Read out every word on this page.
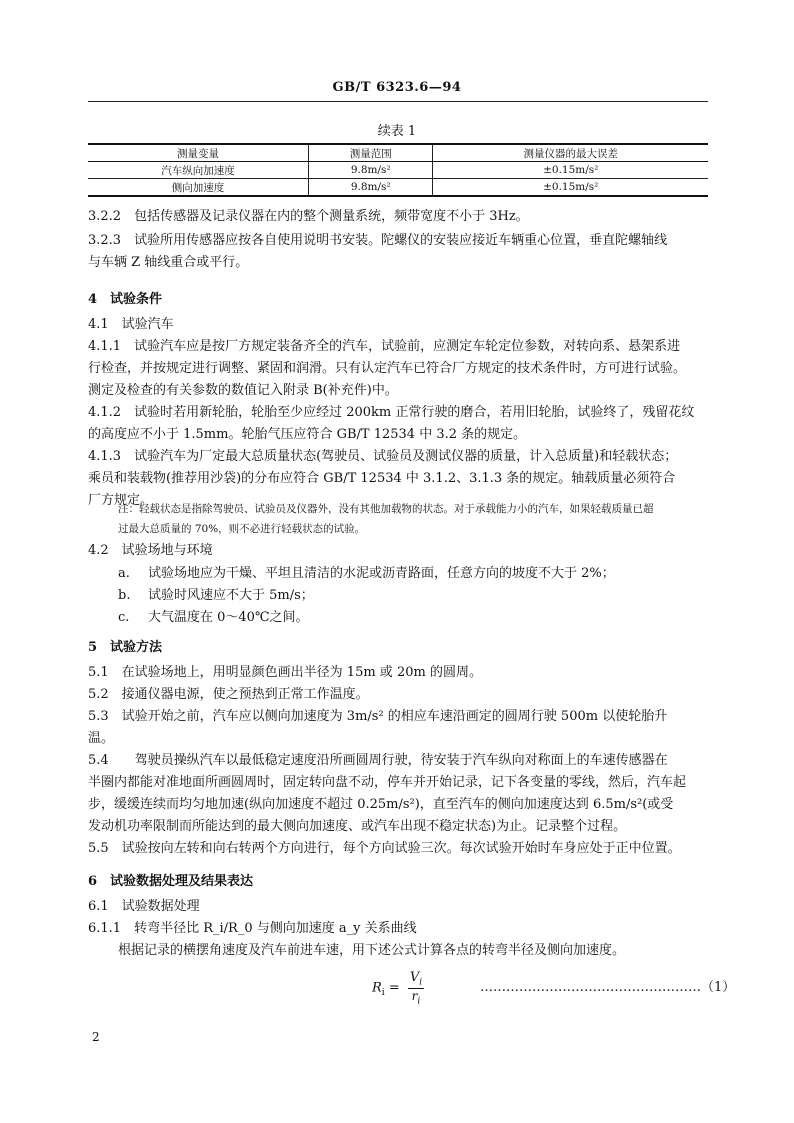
GB/T 6323.6—94
续表 1
测量变量	测量范围	测量仪器的最大误差
汽车纵向加速度	9.8m/s²	±0.15m/s²
侧向加速度	9.8m/s²	±0.15m/s²
3.2.2　包括传感器及记录仪器在内的整个测量系统，频带宽度不小于 3Hz。
3.2.3　试验所用传感器应按各自使用说明书安装。陀螺仪的安装应接近车辆重心位置，垂直陀螺轴线
与车辆 Z 轴线重合或平行。
4　试验条件
4.1　试验汽车
4.1.1　试验汽车应是按厂方规定装备齐全的汽车，试验前，应测定车轮定位参数，对转向系、悬架系进
行检查，并按规定进行调整、紧固和润滑。只有认定汽车已符合厂方规定的技术条件时，方可进行试验。
测定及检查的有关参数的数值记入附录 B(补充件)中。
4.1.2　试验时若用新轮胎，轮胎至少应经过 200km 正常行驶的磨合，若用旧轮胎，试验终了，残留花纹
的高度应不小于 1.5mm。轮胎气压应符合 GB/T 12534 中 3.2 条的规定。
4.1.3　试验汽车为厂定最大总质量状态(驾驶员、试验员及测试仪器的质量，计入总质量)和轻载状态；
乘员和装载物(推荐用沙袋)的分布应符合 GB/T 12534 中 3.1.2、3.1.3 条的规定。轴载质量必须符合
厂方规定。
注：轻载状态是指除驾驶员、试验员及仪器外，没有其他加载物的状态。对于承载能力小的汽车，如果轻载质量已超
过最大总质量的 70%，则不必进行轻载状态的试验。
4.2　试验场地与环境
a. 试验场地应为干燥、平坦且清洁的水泥或沥青路面，任意方向的坡度不大于 2%；
b. 试验时风速应不大于 5m/s；
c. 大气温度在 0～40℃之间。
5　试验方法
5.1　在试验场地上，用明显颜色画出半径为 15m 或 20m 的圆周。
5.2　接通仪器电源，使之预热到正常工作温度。
5.3　试验开始之前，汽车应以侧向加速度为 3m/s² 的相应车速沿画定的圆周行驶 500m 以使轮胎升
温。
5.4　　驾驶员操纵汽车以最低稳定速度沿所画圆周行驶，待安装于汽车纵向对称面上的车速传感器在
半圈内都能对准地面所画圆周时，固定转向盘不动，停车并开始记录，记下各变量的零线，然后，汽车起
步，缓缓连续而均匀地加速(纵向加速度不超过 0.25m/s²)，直至汽车的侧向加速度达到 6.5m/s²(或受
发动机功率限制而所能达到的最大侧向加速度、或汽车出现不稳定状态)为止。记录整个过程。
5.5　试验按向左转和向右转两个方向进行，每个方向试验三次。每次试验开始时车身应处于正中位置。
6　试验数据处理及结果表达
6.1　试验数据处理
6.1.1　转弯半径比 R_i/R_0 与侧向加速度 a_y 关系曲线
根据记录的横摆角速度及汽车前进车速，用下述公式计算各点的转弯半径及侧向加速度。
$R_i = \frac{V_i}{r_i}$	……………………………………………（1）
2
